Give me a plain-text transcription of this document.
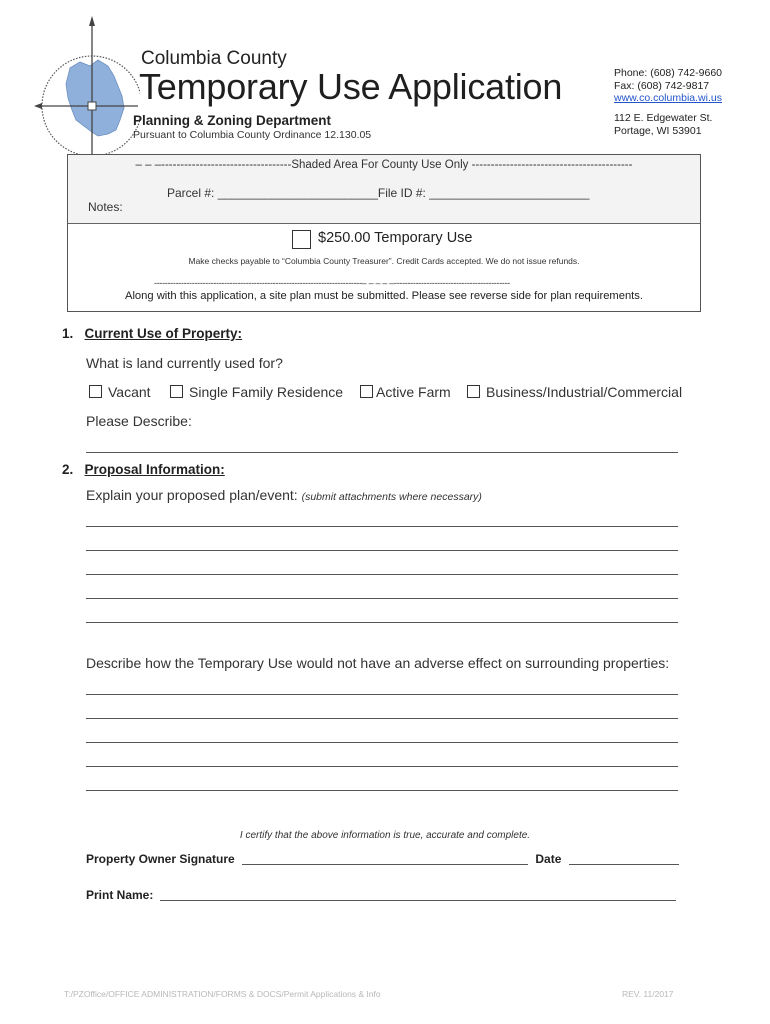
Columbia County
Temporary Use Application
Planning & Zoning Department
Pursuant to Columbia County Ordinance 12.130.05
Phone: (608) 742-9660
Fax: (608) 742-9817
www.co.columbia.wi.us
112 E. Edgewater St.
Portage, WI 53901
– – –----------------------------------Shaded Area For County Use Only ------------------------------------------
Parcel #: ________________________File ID #: ________________________
Notes:
$250.00 Temporary Use
Make checks payable to “Columbia County Treasurer”. Credit Cards accepted. We do not issue refunds.
-----------------------------------------------------------------------------– – – – –-------------------------------------------
Along with this application, a site plan must be submitted. Please see reverse side for plan requirements.
1. Current Use of Property:
What is land currently used for?
Vacant	Single Family Residence	Active Farm	Business/Industrial/Commercial
Please Describe:
2. Proposal Information:
Explain your proposed plan/event: (submit attachments where necessary)
Describe how the Temporary Use would not have an adverse effect on surrounding properties:
I certify that the above information is true, accurate and complete.
Property Owner Signature	Date
Print Name:
T:/PZOffice/OFFICE ADMINISTRATION/FORMS & DOCS/Permit Applications & Info	REV. 11/2017
